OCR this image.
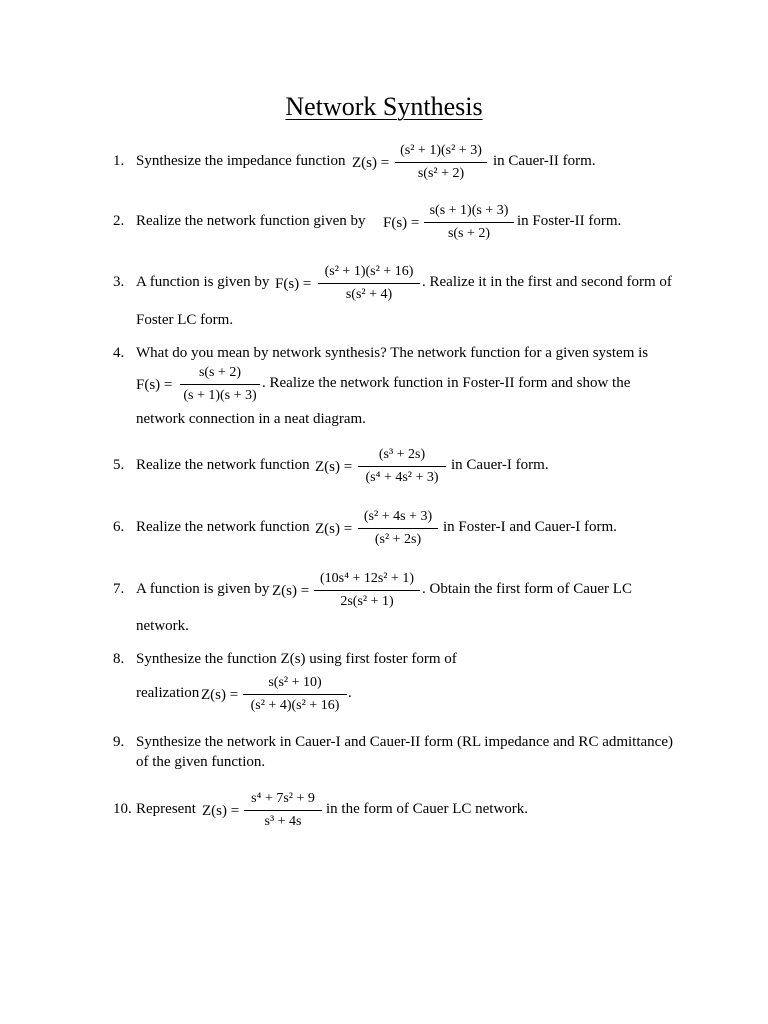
Network Synthesis
1. Synthesize the impedance function $Z(s) = \frac{\text{(s² + 1)(s² + 3)}}{\text{s(s² + 2)}}$ in Cauer-II form.
2. Realize the network function given by $F(s) = \frac{s(s + 1)(s + 3)}{s(s + 2)}$ in Foster-II form.
3. A function is given by $F(s) = \frac{\text{(s² + 1)(s² + 16)}}{\text{s(s² + 4)}}$ . Realize it in the first and second form of
Foster LC form.
4. What do you mean by network synthesis? The network function for a given system is
$F(s) = \frac{s(s + 2)}{(s + 1)(s + 3)}$ . Realize the network function in Foster-II form and show the
network connection in a neat diagram.
5. Realize the network function $Z(s) = \frac{\text{(s³ + 2s)}}{\text{(s⁴ + 4s² + 3)}}$ in Cauer-I form.
6. Realize the network function $Z(s) = \frac{\text{(s² + 4s + 3)}}{\text{(s² + 2s)}}$ in Foster-I and Cauer-I form.
7. A function is given by $Z(s) = \frac{\text{(10s⁴ + 12s² + 1)}}{\text{2s(s² + 1)}}$ . Obtain the first form of Cauer LC
network.
8. Synthesize the function Z(s) using first foster form of
realization $Z(s) = \frac{\text{s(s² + 10)}}{\text{(s² + 4)(s² + 16)}}$ .
9. Synthesize the network in Cauer-I and Cauer-II form (RL impedance and RC admittance)
of the given function.
10. Represent $Z(s) = \frac{\text{s⁴ + 7s² + 9}}{\text{s³ + 4s}}$ in the form of Cauer LC network.
